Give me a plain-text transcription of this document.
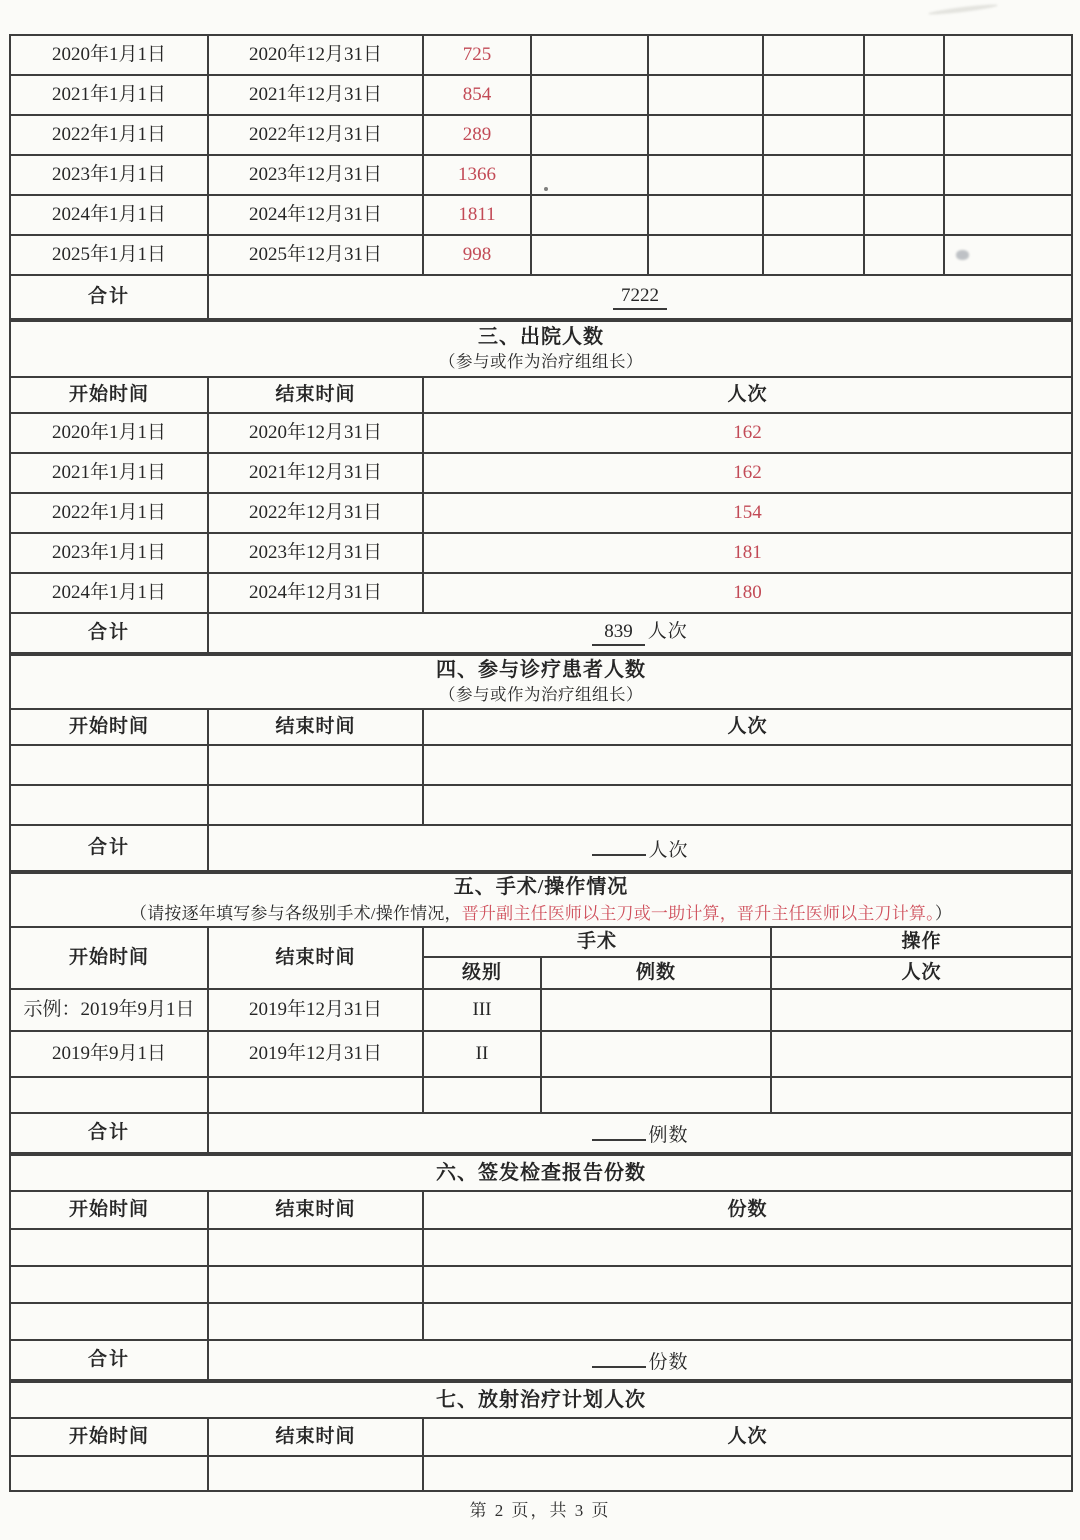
2020年1月1日	2020年12月31日	725					
2021年1月1日	2021年12月31日	854					
2022年1月1日	2022年12月31日	289					
2023年1月1日	2023年12月31日	1366					
2024年1月1日	2024年12月31日	1811					
2025年1月1日	2025年12月31日	998					
合计	7222						
三、出院人数
（参与或作为治疗组组长）		

开始时间	结束时间	人次
2020年1月1日	2020年12月31日	162
2021年1月1日	2021年12月31日	162
2022年1月1日	2022年12月31日	154
2023年1月1日	2023年12月31日	181
2024年1月1日	2024年12月31日	180
合计	839 人次	
四、参与诊疗患者人数
（参与或作为治疗组组长）		

开始时间	结束时间	人次

合计	人次	
五、手术/操作情况
（请按逐年填写参与各级别手术/操作情况，晋升副主任医师以主刀或一助计算，晋升主任医师以主刀计算。）				

开始时间	结束时间	手术		操作
		级别	例数	人次
示例：2019年9月1日	2019年12月31日	III		
2019年9月1日	2019年12月31日	II		

合计	例数			
六、签发检查报告份数		

开始时间	结束时间	份数

合计	份数	
七、放射治疗计划人次		

开始时间	结束时间	人次

第 2 页，共 3 页
